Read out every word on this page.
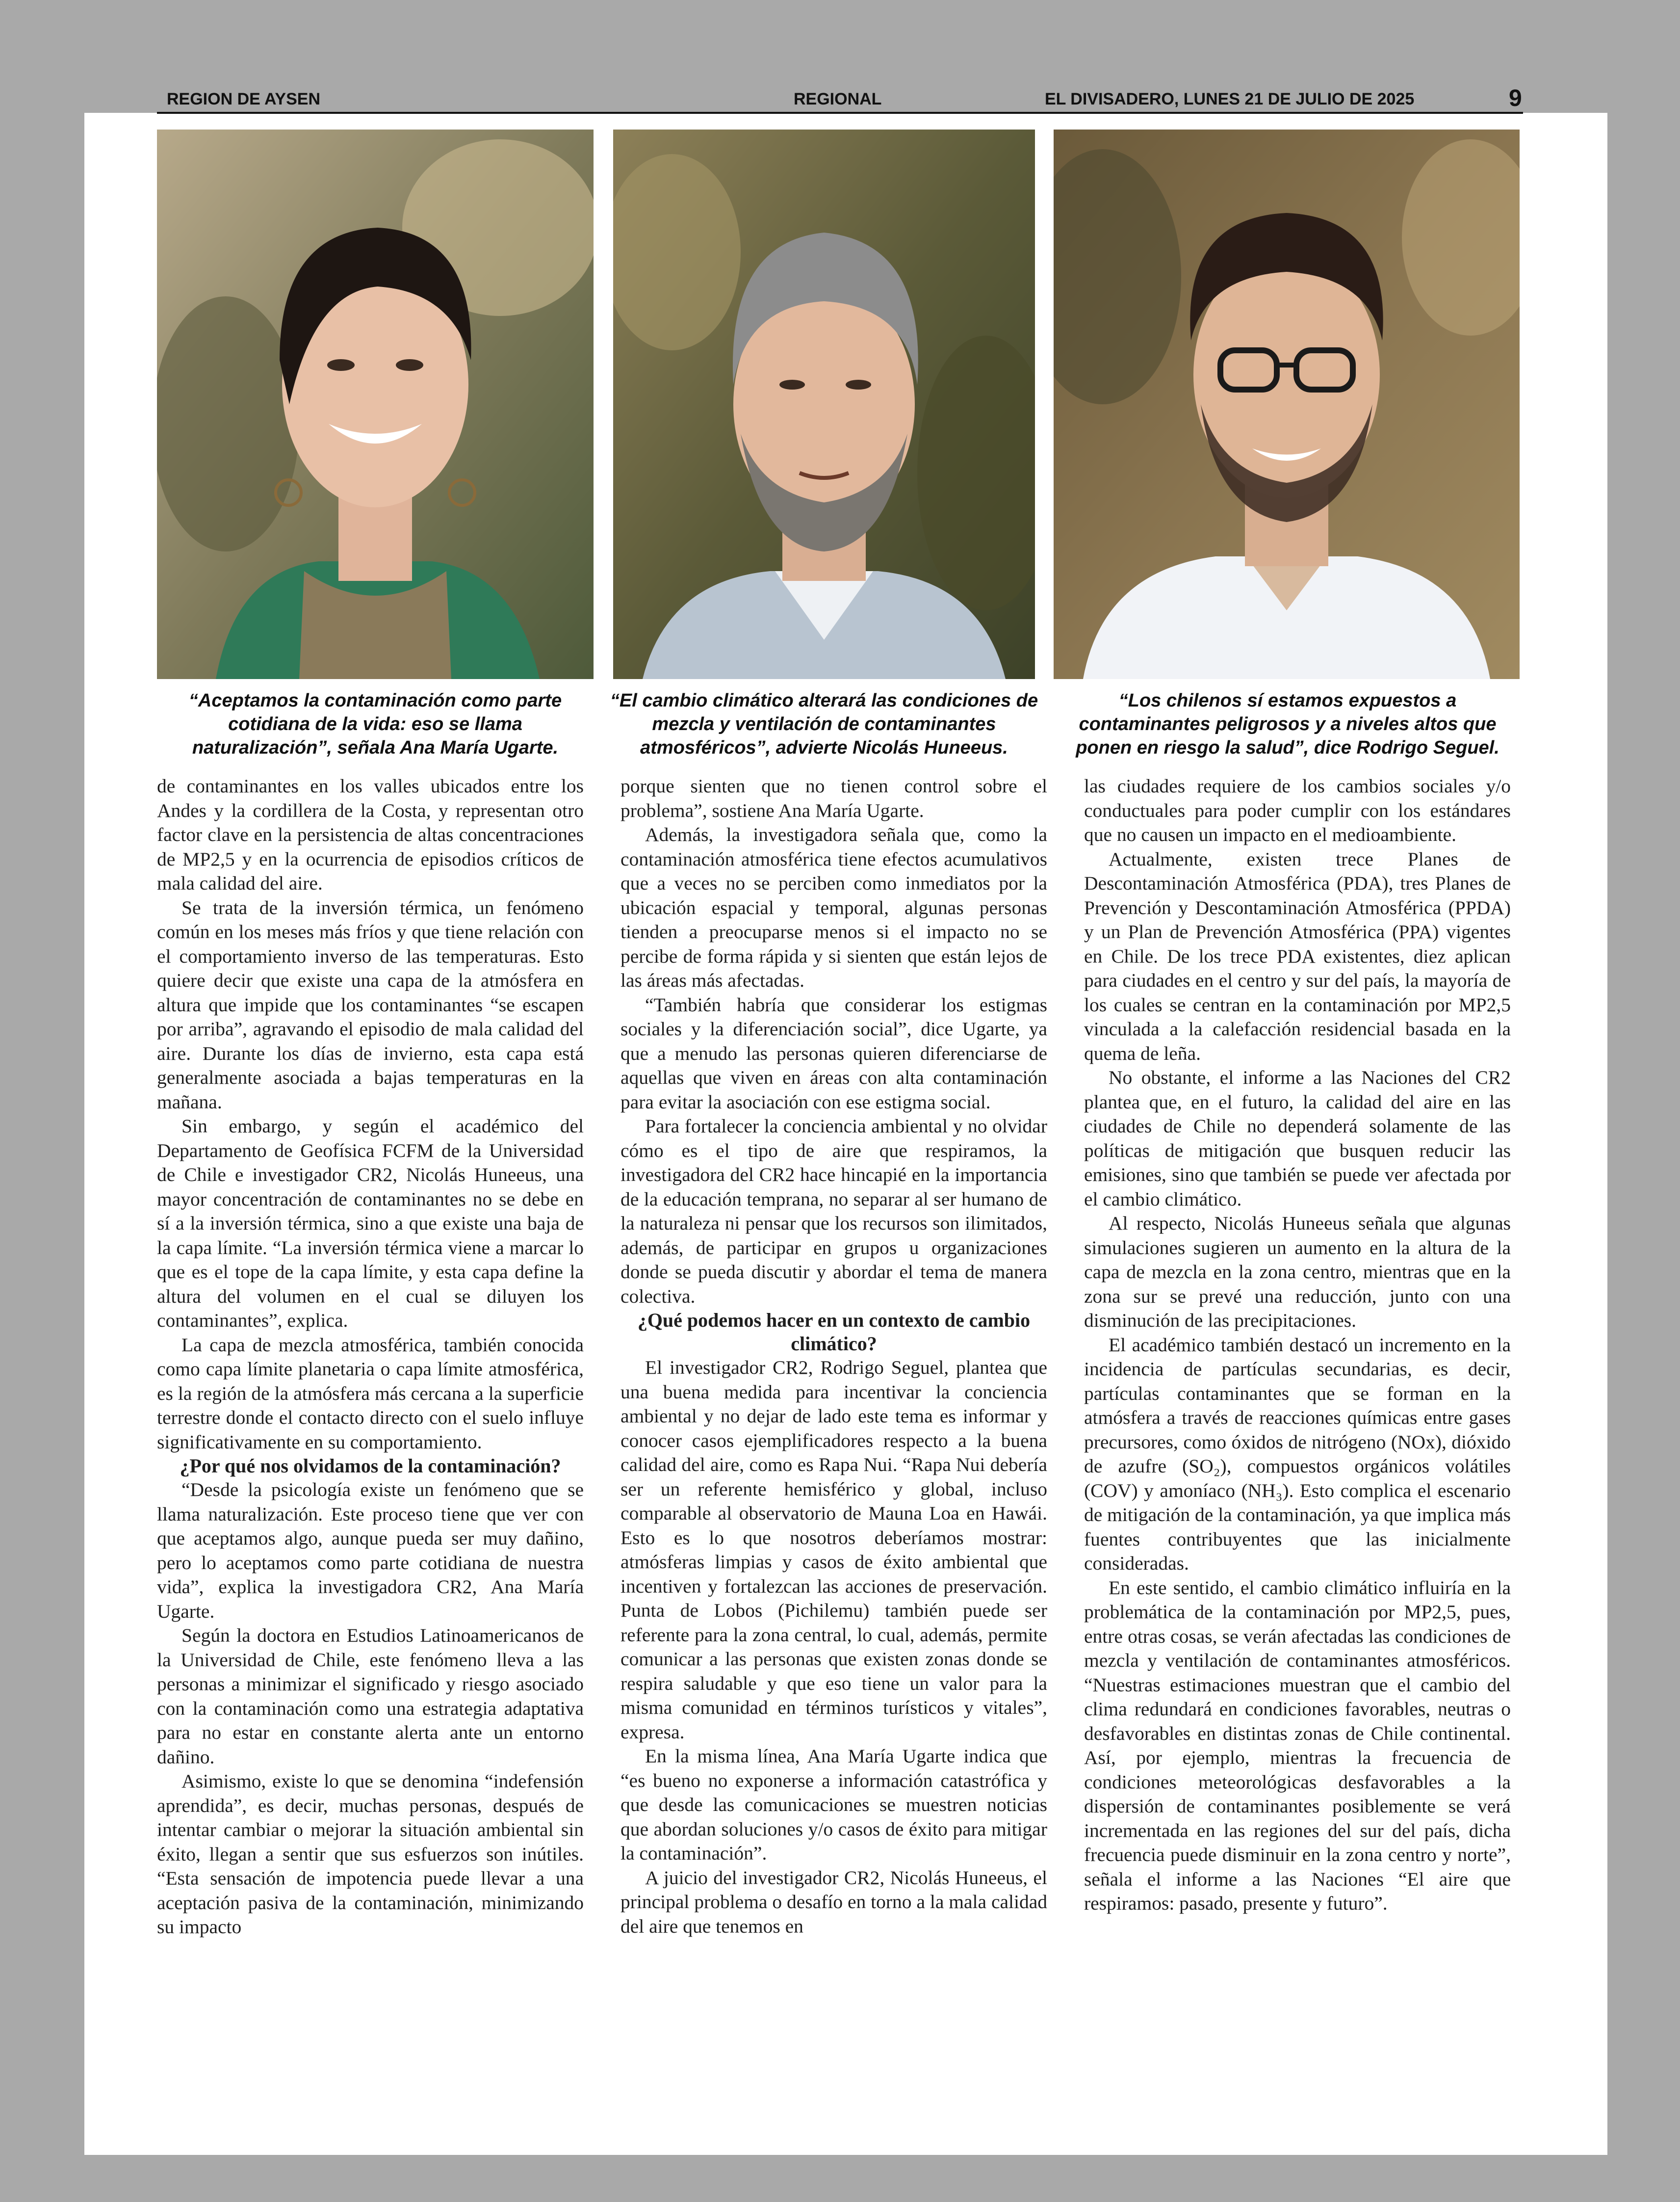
REGION DE AYSEN	REGIONAL	EL DIVISADERO, LUNES 21 DE JULIO DE 2025	9
“Aceptamos la contaminación como parte cotidiana de la vida: eso se llama naturalización”, señala Ana María Ugarte.
“El cambio climático alterará las condiciones de mezcla y ventilación de contaminantes atmosféricos”, advierte Nicolás Huneeus.
“Los chilenos sí estamos expuestos a contaminantes peligrosos y a niveles altos que ponen en riesgo la salud”, dice Rodrigo Seguel.

de contaminantes en los valles ubicados entre los Andes y la cordillera de la Costa, y representan otro factor clave en la persistencia de altas concentraciones de MP2,5 y en la ocurrencia de episodios críticos de mala calidad del aire.

Se trata de la inversión térmica, un fenómeno común en los meses más fríos y que tiene relación con el comportamiento inverso de las temperaturas. Esto quiere decir que existe una capa de la atmósfera en altura que impide que los contaminantes “se escapen por arriba”, agravando el episodio de mala calidad del aire. Durante los días de invierno, esta capa está generalmente asociada a bajas temperaturas en la mañana.

Sin embargo, y según el académico del Departamento de Geofísica FCFM de la Universidad de Chile e investigador CR2, Nicolás Huneeus, una mayor concentración de contaminantes no se debe en sí a la inversión térmica, sino a que existe una baja de la capa límite. “La inversión térmica viene a marcar lo que es el tope de la capa límite, y esta capa define la altura del volumen en el cual se diluyen los contaminantes”, explica.

La capa de mezcla atmosférica, también conocida como capa límite planetaria o capa límite atmosférica, es la región de la atmósfera más cercana a la superficie terrestre donde el contacto directo con el suelo influye significativamente en su comportamiento.

¿Por qué nos olvidamos de la contaminación?

“Desde la psicología existe un fenómeno que se llama naturalización. Este proceso tiene que ver con que aceptamos algo, aunque pueda ser muy dañino, pero lo aceptamos como parte cotidiana de nuestra vida”, explica la investigadora CR2, Ana María Ugarte.

Según la doctora en Estudios Latinoamericanos de la Universidad de Chile, este fenómeno lleva a las personas a minimizar el significado y riesgo asociado con la contaminación como una estrategia adaptativa para no estar en constante alerta ante un entorno dañino.

Asimismo, existe lo que se denomina “indefensión aprendida”, es decir, muchas personas, después de intentar cambiar o mejorar la situación ambiental sin éxito, llegan a sentir que sus esfuerzos son inútiles. “Esta sensación de impotencia puede llevar a una aceptación pasiva de la contaminación, minimizando su impacto

porque sienten que no tienen control sobre el problema”, sostiene Ana María Ugarte.

Además, la investigadora señala que, como la contaminación atmosférica tiene efectos acumulativos que a veces no se perciben como inmediatos por la ubicación espacial y temporal, algunas personas tienden a preocuparse menos si el impacto no se percibe de forma rápida y si sienten que están lejos de las áreas más afectadas.

“También habría que considerar los estigmas sociales y la diferenciación social”, dice Ugarte, ya que a menudo las personas quieren diferenciarse de aquellas que viven en áreas con alta contaminación para evitar la asociación con ese estigma social.

Para fortalecer la conciencia ambiental y no olvidar cómo es el tipo de aire que respiramos, la investigadora del CR2 hace hincapié en la importancia de la educación temprana, no separar al ser humano de la naturaleza ni pensar que los recursos son ilimitados, además, de participar en grupos u organizaciones donde se pueda discutir y abordar el tema de manera colectiva.

¿Qué podemos hacer en un contexto de cambio climático?

El investigador CR2, Rodrigo Seguel, plantea que una buena medida para incentivar la conciencia ambiental y no dejar de lado este tema es informar y conocer casos ejemplificadores respecto a la buena calidad del aire, como es Rapa Nui. “Rapa Nui debería ser un referente hemisférico y global, incluso comparable al observatorio de Mauna Loa en Hawái. Esto es lo que nosotros deberíamos mostrar: atmósferas limpias y casos de éxito ambiental que incentiven y fortalezcan las acciones de preservación. Punta de Lobos (Pichilemu) también puede ser referente para la zona central, lo cual, además, permite comunicar a las personas que existen zonas donde se respira saludable y que eso tiene un valor para la misma comunidad en términos turísticos y vitales”, expresa.

En la misma línea, Ana María Ugarte indica que “es bueno no exponerse a información catastrófica y que desde las comunicaciones se muestren noticias que abordan soluciones y/o casos de éxito para mitigar la contaminación”.

A juicio del investigador CR2, Nicolás Huneeus, el principal problema o desafío en torno a la mala calidad del aire que tenemos en

las ciudades requiere de los cambios sociales y/o conductuales para poder cumplir con los estándares que no causen un impacto en el medioambiente.

Actualmente, existen trece Planes de Descontaminación Atmosférica (PDA), tres Planes de Prevención y Descontaminación Atmosférica (PPDA) y un Plan de Prevención Atmosférica (PPA) vigentes en Chile. De los trece PDA existentes, diez aplican para ciudades en el centro y sur del país, la mayoría de los cuales se centran en la contaminación por MP2,5 vinculada a la calefacción residencial basada en la quema de leña.

No obstante, el informe a las Naciones del CR2 plantea que, en el futuro, la calidad del aire en las ciudades de Chile no dependerá solamente de las políticas de mitigación que busquen reducir las emisiones, sino que también se puede ver afectada por el cambio climático.

Al respecto, Nicolás Huneeus señala que algunas simulaciones sugieren un aumento en la altura de la capa de mezcla en la zona centro, mientras que en la zona sur se prevé una reducción, junto con una disminución de las precipitaciones.

El académico también destacó un incremento en la incidencia de partículas secundarias, es decir, partículas contaminantes que se forman en la atmósfera a través de reacciones químicas entre gases precursores, como óxidos de nitrógeno (NOx), dióxido de azufre (SO₂), compuestos orgánicos volátiles (COV) y amoníaco (NH₃). Esto complica el escenario de mitigación de la contaminación, ya que implica más fuentes contribuyentes que las inicialmente consideradas.

En este sentido, el cambio climático influiría en la problemática de la contaminación por MP2,5, pues, entre otras cosas, se verán afectadas las condiciones de mezcla y ventilación de contaminantes atmosféricos. “Nuestras estimaciones muestran que el cambio del clima redundará en condiciones favorables, neutras o desfavorables en distintas zonas de Chile continental. Así, por ejemplo, mientras la frecuencia de condiciones meteorológicas desfavorables a la dispersión de contaminantes posiblemente se verá incrementada en las regiones del sur del país, dicha frecuencia puede disminuir en la zona centro y norte”, señala el informe a las Naciones “El aire que respiramos: pasado, presente y futuro”.
